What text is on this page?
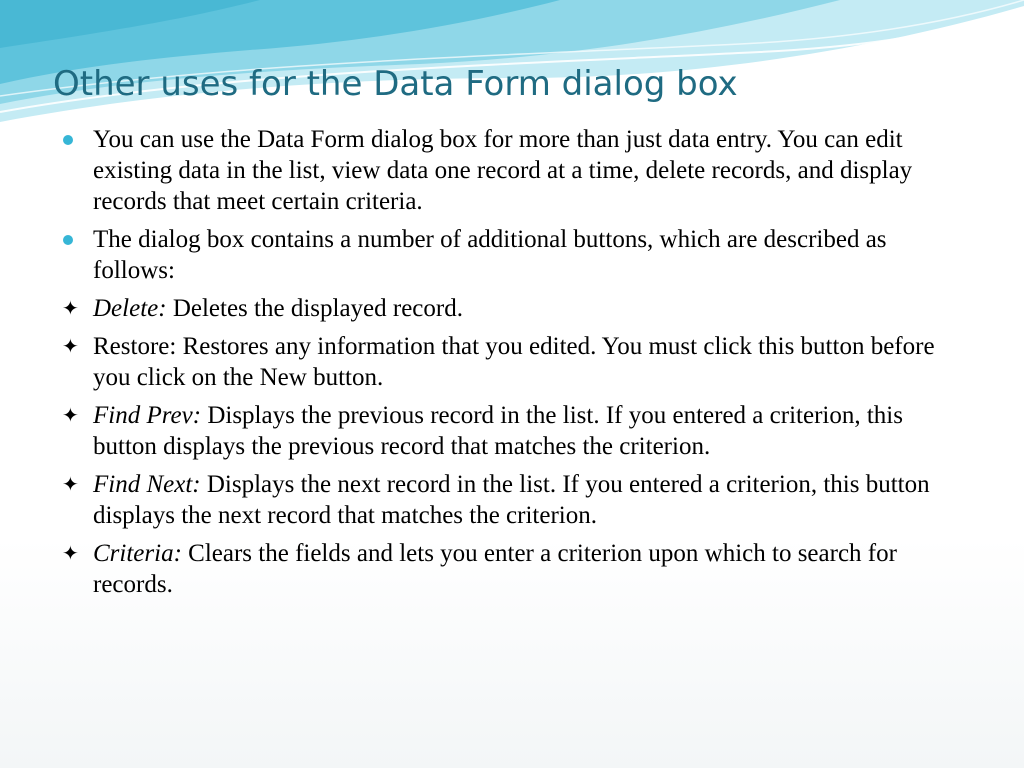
Other uses for the Data Form dialog box
You can use the Data Form dialog box for more than just data entry. You can edit existing data in the list, view data one record at a time, delete records, and display records that meet certain criteria.
The dialog box contains a number of additional buttons, which are described as follows:
✦ Delete: Deletes the displayed record.
✦ Restore: Restores any information that you edited. You must click this button before you click on the New button.
✦ Find Prev: Displays the previous record in the list. If you entered a criterion, this button displays the previous record that matches the criterion.
✦ Find Next: Displays the next record in the list. If you entered a criterion, this button displays the next record that matches the criterion.
✦ Criteria: Clears the fields and lets you enter a criterion upon which to search for records.
